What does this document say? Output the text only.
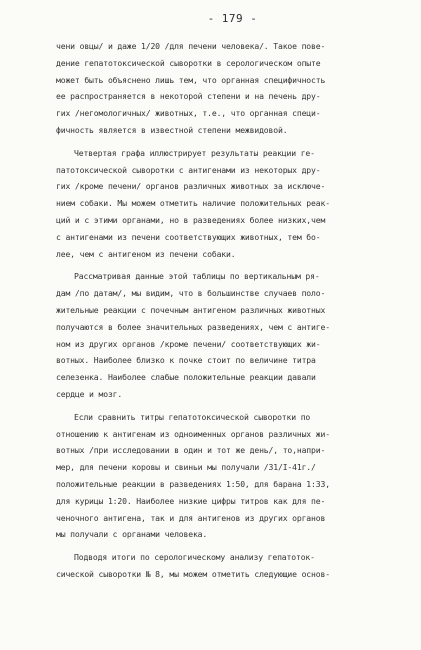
- 179 -
чени овцы/ и даже 1/20 /для печени человека/. Такое пове-
дение гепатотоксической сыворотки в серологическом опыте
может быть объяснено лишь тем, что органная специфичность
ее распространяется в некоторой степени и на печень дру-
гих /негомологичных/ животных, т.е., что органная специ-
фичность является в известной степени межвидовой.
Четвертая графа иллюстрирует результаты реакции ге-
патотоксической сыворотки с антигенами из некоторых дру-
гих /кроме печени/ органов различных животных за исключе-
нием собаки. Мы можем отметить наличие положительных реак-
ций и с этими органами, но в разведениях более низких,чем
с антигенами из печени соответствующих животных, тем бо-
лее, чем с антигеном из печени собаки.
Рассматривая данные этой таблицы по вертикальным ря-
дам /по датам/, мы видим, что в большинстве случаев поло-
жительные реакции с почечным антигеном различных животных
получаются в более значительных разведениях, чем с антиге-
ном из других органов /кроме печени/ соответствующих жи-
вотных. Наиболее близко к почке стоит по величине титра
селезенка. Наиболее слабые положительные реакции давали
сердце и мозг.
Если сравнить титры гепатотоксической сыворотки по
отношению к антигенам из одноименных органов различных жи-
вотных /при исследовании в один и тот же день/, то,напри-
мер, для печени коровы и свиньи мы получали /31/I-41г./
положительные реакции в разведениях 1:50, для барана 1:33,
для курицы 1:20. Наиболее низкие цифры титров как для пе-
ченочного антигена, так и для антигенов из других органов
мы получали с органами человека.
Подводя итоги по серологическому анализу гепатоток-
сической сыворотки № 8, мы можем отметить следующие основ-
